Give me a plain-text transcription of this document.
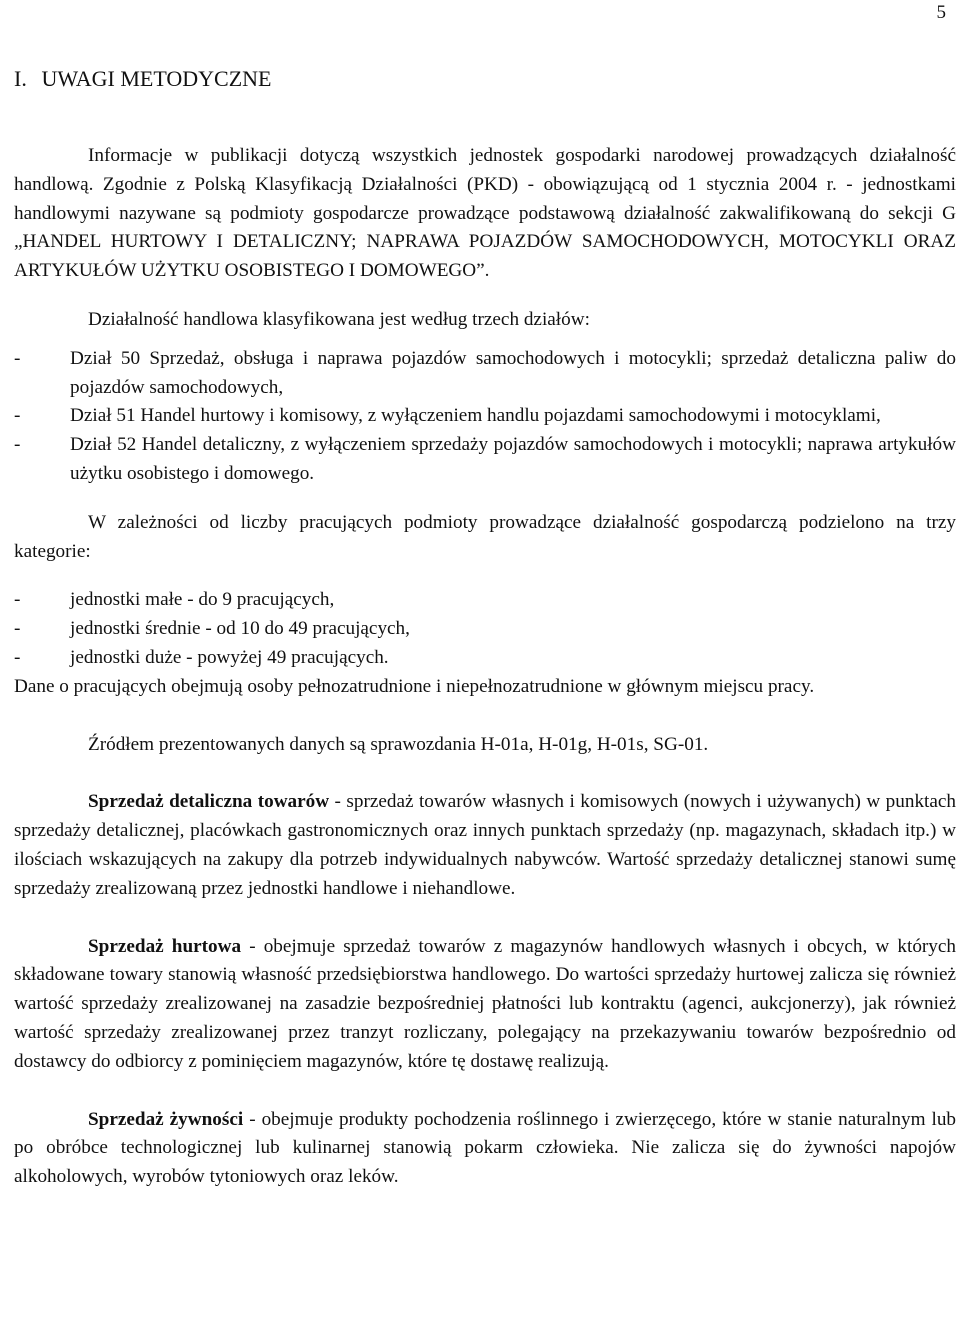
5
I. UWAGI METODYCZNE

Informacje w publikacji dotyczą wszystkich jednostek gospodarki narodowej prowadzących działalność handlową. Zgodnie z Polską Klasyfikacją Działalności (PKD) - obowiązującą od 1 stycznia 2004 r. - jednostkami handlowymi nazywane są podmioty gospodarcze prowadzące podstawową działalność zakwalifikowaną do sekcji G „HANDEL HURTOWY I DETALICZNY; NAPRAWA POJAZDÓW SAMOCHODOWYCH, MOTOCYKLI ORAZ ARTYKUŁÓW UŻYTKU OSOBISTEGO I DOMOWEGO”.

Działalność handlowa klasyfikowana jest według trzech działów:

-	Dział 50 Sprzedaż, obsługa i naprawa pojazdów samochodowych i motocykli; sprzedaż detaliczna paliw do pojazdów samochodowych,
-	Dział 51 Handel hurtowy i komisowy, z wyłączeniem handlu pojazdami samochodowymi i motocyklami,
-	Dział 52 Handel detaliczny, z wyłączeniem sprzedaży pojazdów samochodowych i motocykli; naprawa artykułów użytku osobistego i domowego.

W zależności od liczby pracujących podmioty prowadzące działalność gospodarczą podzielono na trzy kategorie:

-	jednostki małe - do 9 pracujących,
-	jednostki średnie - od 10 do 49 pracujących,
-	jednostki duże - powyżej 49 pracujących.

Dane o pracujących obejmują osoby pełnozatrudnione i niepełnozatrudnione w głównym miejscu pracy.

Źródłem prezentowanych danych są sprawozdania H-01a, H-01g, H-01s, SG-01.

Sprzedaż detaliczna towarów - sprzedaż towarów własnych i komisowych (nowych i używanych) w punktach sprzedaży detalicznej, placówkach gastronomicznych oraz innych punktach sprzedaży (np. magazynach, składach itp.) w ilościach wskazujących na zakupy dla potrzeb indywidualnych nabywców. Wartość sprzedaży detalicznej stanowi sumę sprzedaży zrealizowaną przez jednostki handlowe i niehandlowe.

Sprzedaż hurtowa - obejmuje sprzedaż towarów z magazynów handlowych własnych i obcych, w których składowane towary stanowią własność przedsiębiorstwa handlowego. Do wartości sprzedaży hurtowej zalicza się również wartość sprzedaży zrealizowanej na zasadzie bezpośredniej płatności lub kontraktu (agenci, aukcjonerzy), jak również wartość sprzedaży zrealizowanej przez tranzyt rozliczany, polegający na przekazywaniu towarów bezpośrednio od dostawcy do odbiorcy z pominięciem magazynów, które tę dostawę realizują.

Sprzedaż żywności - obejmuje produkty pochodzenia roślinnego i zwierzęcego, które w stanie naturalnym lub po obróbce technologicznej lub kulinarnej stanowią pokarm człowieka. Nie zalicza się do żywności napojów alkoholowych, wyrobów tytoniowych oraz leków.
